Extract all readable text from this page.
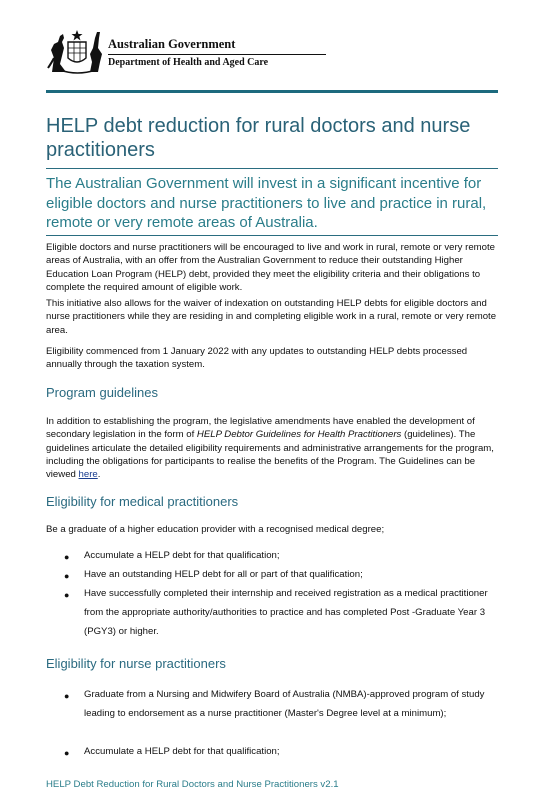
Australian Government
Department of Health and Aged Care
HELP debt reduction for rural doctors and nurse practitioners

The Australian Government will invest in a significant incentive for eligible doctors and nurse practitioners to live and practice in rural, remote or very remote areas of Australia.

Eligible doctors and nurse practitioners will be encouraged to live and work in rural, remote or very remote areas of Australia, with an offer from the Australian Government to reduce their outstanding Higher Education Loan Program (HELP) debt, provided they meet the eligibility criteria and their obligations to complete the required amount of eligible work.

This initiative also allows for the waiver of indexation on outstanding HELP debts for eligible doctors and nurse practitioners while they are residing in and completing eligible work in a rural, remote or very remote area.

Eligibility commenced from 1 January 2022 with any updates to outstanding HELP debts processed annually through the taxation system.

Program guidelines

In addition to establishing the program, the legislative amendments have enabled the development of secondary legislation in the form of HELP Debtor Guidelines for Health Practitioners (guidelines). The guidelines articulate the detailed eligibility requirements and administrative arrangements for the program, including the obligations for participants to realise the benefits of the Program. The Guidelines can be viewed here.

Eligibility for medical practitioners

Be a graduate of a higher education provider with a recognised medical degree;

● Accumulate a HELP debt for that qualification;
● Have an outstanding HELP debt for all or part of that qualification;
● Have successfully completed their internship and received registration as a medical practitioner from the appropriate authority/authorities to practice and has completed Post -Graduate Year 3 (PGY3) or higher.
Eligibility for nurse practitioners
● Graduate from a Nursing and Midwifery Board of Australia (NMBA)-approved program of study leading to endorsement as a nurse practitioner (Master's Degree level at a minimum);
● Accumulate a HELP debt for that qualification;
HELP Debt Reduction for Rural Doctors and Nurse Practitioners v2.1
